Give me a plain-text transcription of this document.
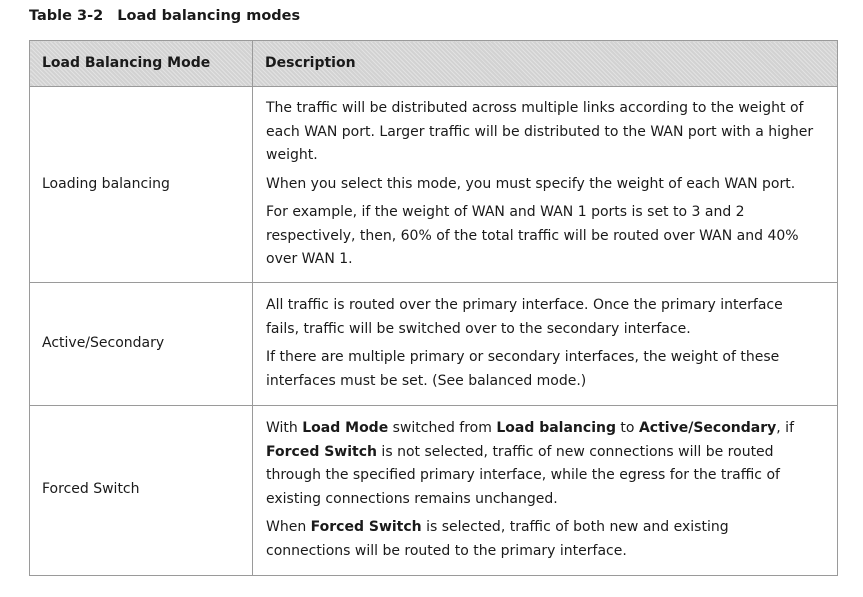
Table 3-2 Load balancing modes
Load Balancing Mode	Description
Loading balancing	The traffic will be distributed across multiple links according to the weight of each WAN port. Larger traffic will be distributed to the WAN port with a higher weight.

When you select this mode, you must specify the weight of each WAN port.

For example, if the weight of WAN and WAN 1 ports is set to 3 and 2 respectively, then, 60% of the total traffic will be routed over WAN and 40% over WAN 1.

Active/Secondary	All traffic is routed over the primary interface. Once the primary interface fails, traffic will be switched over to the secondary interface.

If there are multiple primary or secondary interfaces, the weight of these interfaces must be set. (See balanced mode.)

Forced Switch	With Load Mode switched from Load balancing to Active/Secondary, if Forced Switch is not selected, traffic of new connections will be routed through the specified primary interface, while the egress for the traffic of existing connections remains unchanged.

When Forced Switch is selected, traffic of both new and existing connections will be routed to the primary interface.
